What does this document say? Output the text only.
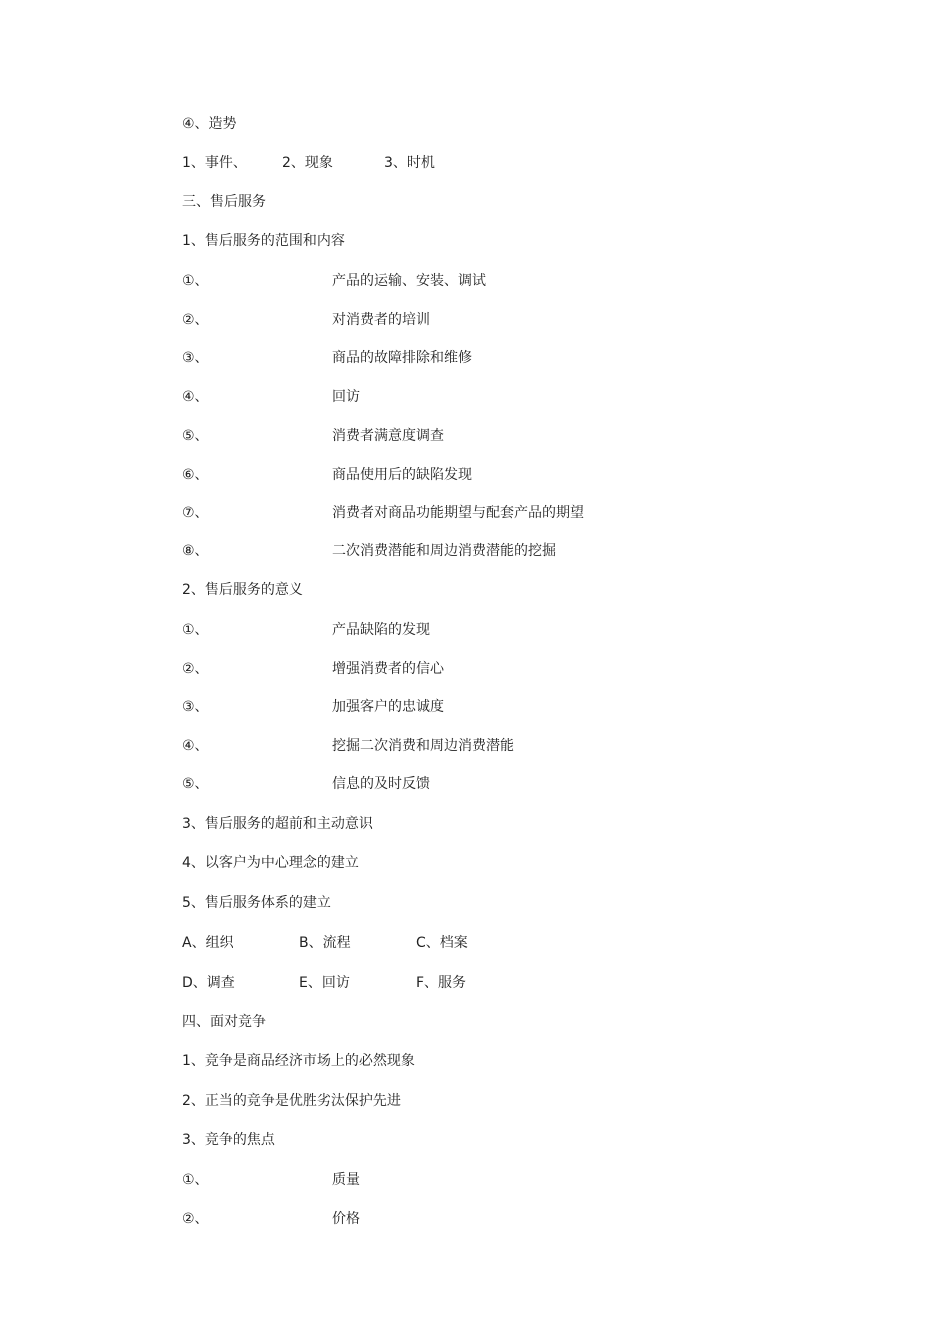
④、造势
1、事件、	2、现象	3、时机
三、售后服务
1、售后服务的范围和内容
①、	产品的运输、安装、调试
②、	对消费者的培训
③、	商品的故障排除和维修
④、	回访
⑤、	消费者满意度调查
⑥、	商品使用后的缺陷发现
⑦、	消费者对商品功能期望与配套产品的期望
⑧、	二次消费潜能和周边消费潜能的挖掘
2、售后服务的意义
①、	产品缺陷的发现
②、	增强消费者的信心
③、	加强客户的忠诚度
④、	挖掘二次消费和周边消费潜能
⑤、	信息的及时反馈
3、售后服务的超前和主动意识
4、以客户为中心理念的建立
5、售后服务体系的建立
A、组织	B、流程	C、档案
D、调查	E、回访	F、服务
四、面对竞争
1、竞争是商品经济市场上的必然现象
2、正当的竞争是优胜劣汰保护先进
3、竞争的焦点
①、	质量
②、	价格
